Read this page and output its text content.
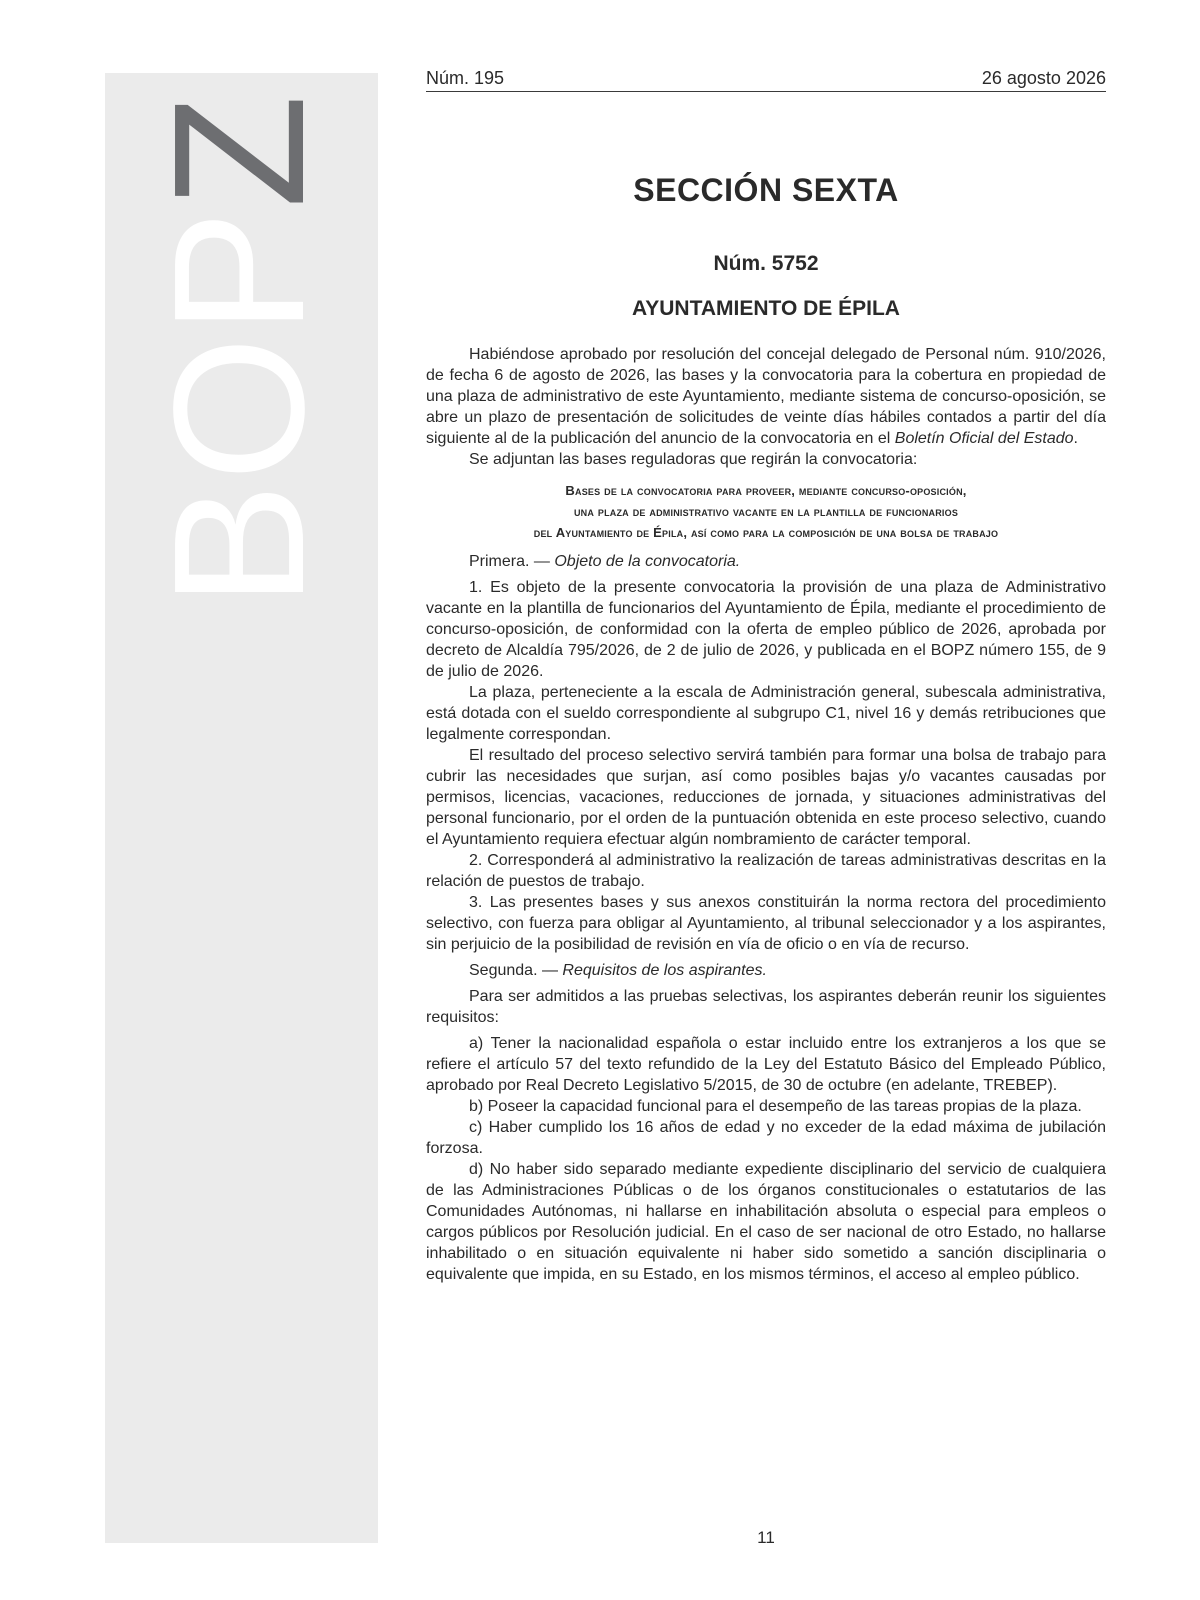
BOPZ
Núm. 195	26 agosto 2026
SECCIÓN SEXTA
Núm. 5752
AYUNTAMIENTO DE ÉPILA

Habiéndose aprobado por resolución del concejal delegado de Personal núm. 910/2026, de fecha 6 de agosto de 2026, las bases y la convocatoria para la cobertura en propiedad de una plaza de administrativo de este Ayuntamiento, mediante sistema de concurso-oposición, se abre un plazo de presentación de solicitudes de veinte días hábiles contados a partir del día siguiente al de la publicación del anuncio de la convocatoria en el Boletín Oficial del Estado.

Se adjuntan las bases reguladoras que regirán la convocatoria:

Bases de la convocatoria para proveer, mediante concurso-oposición,
una plaza de administrativo vacante en la plantilla de funcionarios
del Ayuntamiento de Épila, así como para la composición de una bolsa de trabajo

Primera. — Objeto de la convocatoria.

1. Es objeto de la presente convocatoria la provisión de una plaza de Administrativo vacante en la plantilla de funcionarios del Ayuntamiento de Épila, mediante el procedimiento de concurso-oposición, de conformidad con la oferta de empleo público de 2026, aprobada por decreto de Alcaldía 795/2026, de 2 de julio de 2026, y publicada en el BOPZ número 155, de 9 de julio de 2026.

La plaza, perteneciente a la escala de Administración general, subescala administrativa, está dotada con el sueldo correspondiente al subgrupo C1, nivel 16 y demás retribuciones que legalmente correspondan.

El resultado del proceso selectivo servirá también para formar una bolsa de trabajo para cubrir las necesidades que surjan, así como posibles bajas y/o vacantes causadas por permisos, licencias, vacaciones, reducciones de jornada, y situaciones administrativas del personal funcionario, por el orden de la puntuación obtenida en este proceso selectivo, cuando el Ayuntamiento requiera efectuar algún nombramiento de carácter temporal.

2. Corresponderá al administrativo la realización de tareas administrativas descritas en la relación de puestos de trabajo.

3. Las presentes bases y sus anexos constituirán la norma rectora del procedimiento selectivo, con fuerza para obligar al Ayuntamiento, al tribunal seleccionador y a los aspirantes, sin perjuicio de la posibilidad de revisión en vía de oficio o en vía de recurso.

Segunda. — Requisitos de los aspirantes.

Para ser admitidos a las pruebas selectivas, los aspirantes deberán reunir los siguientes requisitos:

a) Tener la nacionalidad española o estar incluido entre los extranjeros a los que se refiere el artículo 57 del texto refundido de la Ley del Estatuto Básico del Empleado Público, aprobado por Real Decreto Legislativo 5/2015, de 30 de octubre (en adelante, TREBEP).

b) Poseer la capacidad funcional para el desempeño de las tareas propias de la plaza.

c) Haber cumplido los 16 años de edad y no exceder de la edad máxima de jubilación forzosa.

d) No haber sido separado mediante expediente disciplinario del servicio de cualquiera de las Administraciones Públicas o de los órganos constitucionales o estatutarios de las Comunidades Autónomas, ni hallarse en inhabilitación absoluta o especial para empleos o cargos públicos por Resolución judicial. En el caso de ser nacional de otro Estado, no hallarse inhabilitado o en situación equivalente ni haber sido sometido a sanción disciplinaria o equivalente que impida, en su Estado, en los mismos términos, el acceso al empleo público.

11
